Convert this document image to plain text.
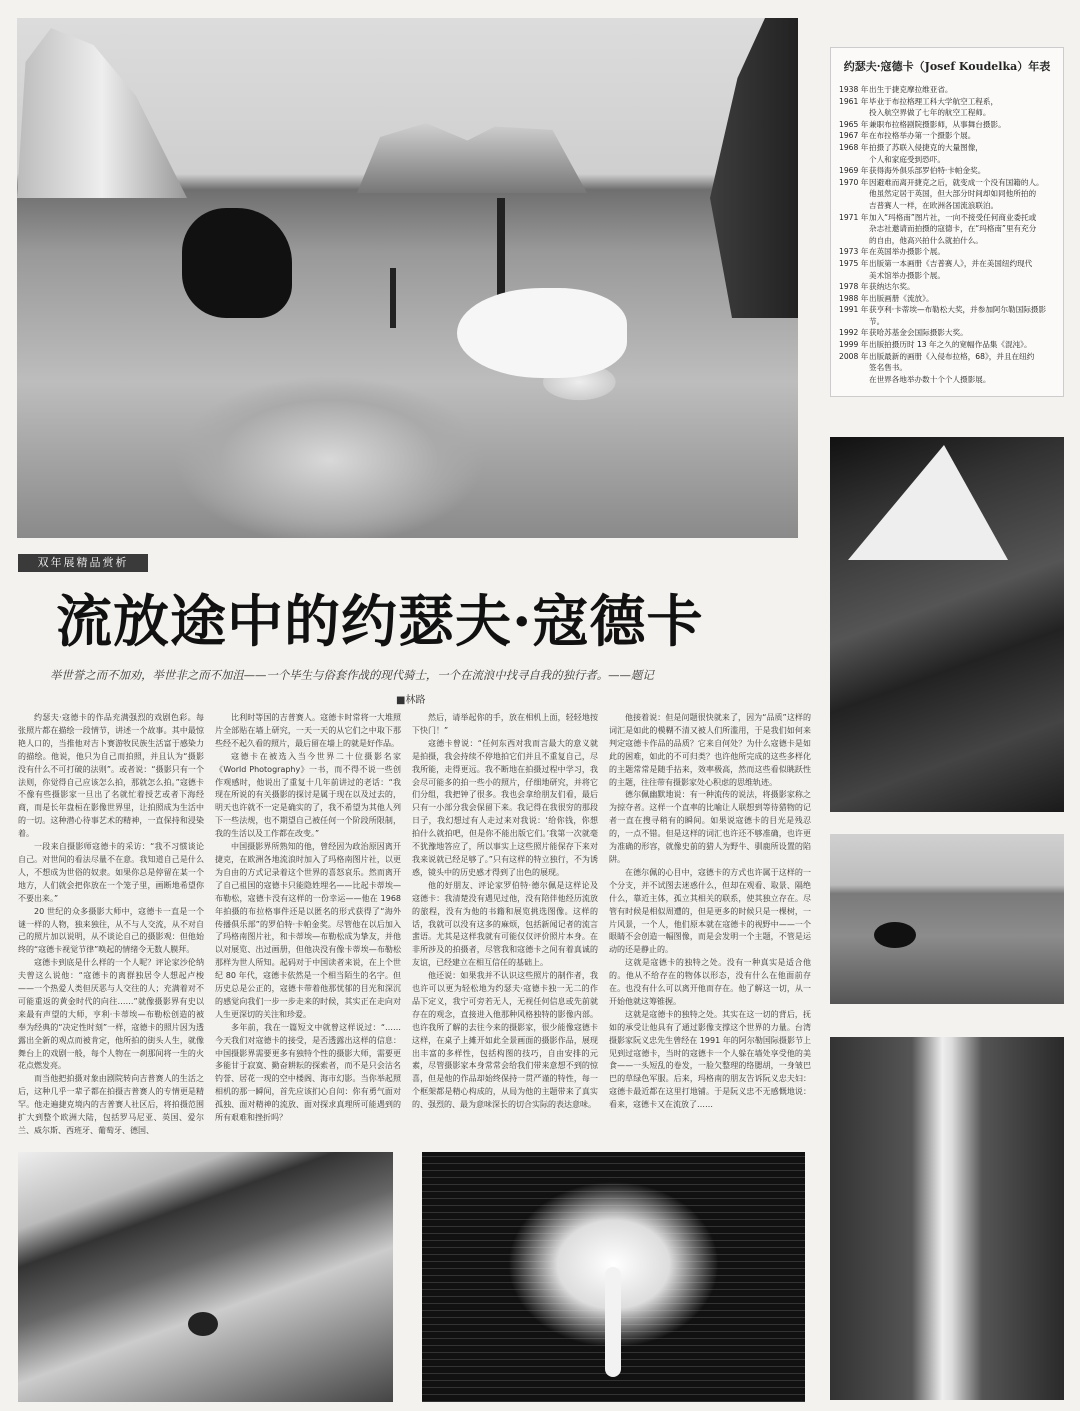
约瑟夫·寇德卡（Josef Koudelka）年表
1938 年 出生于捷克摩拉维亚省。
1961 年 毕业于布拉格理工科大学航空工程系，
投入航空界做了七年的航空工程师。
1965 年 兼职布拉格剧院摄影师，从事舞台摄影。
1967 年 在布拉格举办第一个摄影个展。
1968 年 拍摄了苏联入侵捷克的大量图像，
个人和家庭受到恐吓。
1969 年 获得海外俱乐部罗伯特·卡帕金奖。
1970 年 因避难而离开捷克之后，就变成一个没有国籍的人。
他虽然定居于英国，但大部分时间却如同他所拍的
吉普赛人一样，在欧洲各国流浪联泊。
1971 年 加入“玛格南”图片社，一向不接受任何商业委托或
杂志社邀请而拍摄的寇德卡，在“玛格南”里有充分
的自由，他高兴拍什么就拍什么。
1973 年 在英国举办摄影个展。
1975 年 出版第一本画册《吉普赛人》，并在美国纽约现代
美术馆举办摄影个展。
1978 年 获纳达尔奖。
1988 年 出版画册《流放》。
1991 年 获亨利·卡蒂埃—布勒松大奖，并参加阿尔勒国际摄影节。
1992 年 获哈苏基金会国际摄影大奖。
1999 年 出版拍摄历时 13 年之久的宽幅作品集《混沌》。
2008 年 出版最新的画册《入侵布拉格，68》，并且在纽约
签名售书。
在世界各地举办数十个个人摄影展。
双年展精品赏析
流放途中的约瑟夫·寇德卡
举世誉之而不加劝，举世非之而不加沮——一个毕生与俗套作战的现代骑士，一个在流浪中找寻自我的独行者。——题记
■林路

约瑟夫·寇德卡的作品充满强烈的戏剧色彩。每张照片都在描绘一段情节，讲述一个故事。其中最惊艳人口的，当推他对吉卜赛游牧民族生活富于感染力的描绘。他说，他只为自己而拍照，并且认为“摄影没有什么不可打破的法则”。或者说：“摄影只有一个法则，你觉得自己应该怎么拍，那就怎么拍。”寇德卡不像有些摄影家一旦出了名就忙着授艺或者下海经商，而是长年盘桓在影像世界里，让拍照成为生活中的一切。这种潜心待事艺术的精神，一直保持和浸染着。

一段来自摄影师寇德卡的采访：“我不习惯谈论自己。对世间的看法尽量不在意。我知道自己是什么人，不想成为世俗的奴隶。如果你总是停留在某一个地方，人们就会把你放在一个笼子里，画断地希望你不要出来。”

20 世纪的众多摄影大师中，寇德卡一直是一个谜一样的人物，独来独往，从不与人交流，从不对自己的照片加以说明，从不谈论自己的摄影观：但他始终的“寇德卡视觉节律”唤起的情绪令无数人膜拜。

寇德卡到底是什么样的一个人呢？评论家沙伦纳夫曾这么说他：“寇德卡的离群独居令人想起卢梭——一个热爱人类但厌恶与人交往的人；充满着对不可能重返的黄金时代的向往……”就像摄影界有史以来最有声望的大师，亨利·卡蒂埃—布勒松创造的被奉为经典的“决定性时刻”一样，寇德卡的照片因为透露出全新的观点而被肯定，他所拍的街头人生，就像舞台上的戏剧一般，每个人物在一刹那间将一生的火花点燃发亮。

而当他把拍摄对象由剧院转向吉普赛人的生活之后，这种几乎一辈子都在拍摄吉普赛人的专情更是精罕。他走遍捷克境内的吉普赛人社区后，将拍摄范围扩大到整个欧洲大陆，包括罗马尼亚、英国、爱尔兰、威尔斯、西班牙、葡萄牙、德国、

比利时等国的吉普赛人。寇德卡时常将一大堆照片全部贴在墙上研究，一天一天的从它们之中取下那些经不起久看的照片，最后留在墙上的就是好作品。

寇德卡在被选入当今世界二十位摄影名家《World Photography》一书，而不得不说一些创作观感时，他说出了重复十几年前讲过的老话：“我现在所说的有关摄影的探讨是属于现在以及过去的，明天也许就不一定是确实的了，我不希望为其他人列下一些法规，也不期望自己被任何一个阶段所限制，我的生活以及工作都在改变。”

中国摄影界所熟知的他，曾经因为政治原因离开捷克，在欧洲各地流浪时加入了玛格南图片社，以更为自由的方式记录着这个世界的喜怒哀乐。然而离开了自己祖国的寇德卡只能隐姓埋名——比起卡蒂埃—布勒松，寇德卡没有这样的一份幸运——他在 1968 年拍摄的布拉格事件还是以匿名的形式获得了“海外传播俱乐部”的罗伯特·卡帕金奖。尽管他在以后加入了玛格南图片社，和卡蒂埃—布勒松成为挚友，并他以对展览、出过画册，但他决没有像卡蒂埃—布勒松那样为世人所知。起码对于中国读者来说，在上个世纪 80 年代，寇德卡依然是一个相当陌生的名字。但历史总是公正的，寇德卡带着他那忧郁的目光和深沉的感觉向我们一步一步走来的时候，其实正在走向对人生更深切的关注和珍爱。

多年前，我在一篇短文中就曾这样说过：“……今天我们对寇德卡的接受，是否透露出这样的信息：中国摄影界需要更多有独特个性的摄影大师，需要更多能甘于寂寞、勤奋耕耘的探索者，而不是只会沽名钓誉、居花一现的空中楼阁、海市幻影。当你举起照相机的那一瞬间，首先应该扪心自问：你有勇气面对孤独、面对精神的流放、面对探求真理所可能遇到的所有艰难和挫折吗？

然后，请举起你的手，放在相机上面，轻轻地按下快门！”

寇德卡曾说：“任何东西对我而言最大的意义就是拍摄，我会持续不停地拍它们并且不重复自己，尽我所能，走得更远。我不断地在拍摄过程中学习，我会尽可能多的拍一些小的照片，仔细地研究，并将它们分组，我把钟了很多。我也会拿给朋友们看，最后只有一小部分我会保留下来。我记得在我很穷的那段日子，我幻想过有人走过来对我说：‘给你钱，你想拍什么就拍吧，但是你不能出版它们。’我第一次就毫不犹豫地答应了，所以事实上这些照片能保存下来对我来说就已经足够了。”只有这样的特立独行，不为诱惑，镜头中的历史感才得到了出色的展现。

他的好朋友、评论家罗伯特·德尔佩是这样论及寇德卡：我清楚没有遇见过他，没有陪伴他经历流放的旅程，没有为他的书籍和展览挑选图像。这样的话，我就可以没有这多的麻烦，包括新闻记者的流言蜚语。尤其是这样我就有可能仅仅评价照片本身。在非所涉及的拍摄者，尽管我和寇德卡之间有着真诚的友谊，已经建立在相互信任的基础上。

他还说：如果我并不认识这些照片的制作者，我也许可以更为轻松地为约瑟夫·寇德卡独一无二的作品下定义，我宁可旁若无人，无视任何信息或先前就存在的观念，直接进入他那种风格独特的影像内部。也许我所了解的去往今来的摄影家，很少能像寇德卡这样，在桌子上摊开如此全景画面的摄影作品，展现出丰富的多样性，包括构图的技巧，自由安排的元素，尽管摄影家本身常常会给我们带来意想不到的惊喜，但是他的作品却始终保持一贯严谨的特性，每一个框架都是精心构成的，从局为他的主题带来了真实的、强烈的、最为意味深长的切合实际的表达意味。

他接着说：但是问题很快就来了，因为“品质”这样的词汇是如此的模糊不清又被人们所滥用，于是我们如何来判定寇德卡作品的品质？它来自何处？为什么寇德卡是如此的困难，如此的不可归类？也许他所完成的这些多样化的主题常常是随手拈来，效率极高，然而这些看似眺跃性的主题，往往带有摄影家处心积虑的思维轨迹。

德尔佩幽默地说：有一种流传的说法，将摄影家称之为掠夺者。这样一个直率的比喻让人联想到等待猎物的记者一直在搜寻稍有的瞬间。如果说寇德卡的目光是残忍的，一点不错。但是这样的词汇也许还不够准确，也许更为准确的形容，就像史前的猎人为野牛、驯鹿所设置的陷阱。

在德尔佩的心目中，寇德卡的方式也许属于这样的一个分支，并不试图去迷惑什么，但却在观看、取景、隔绝什么，靠近主体，孤立其相关的联系，使其独立存在。尽管有时候是相似周遭的，但是更多的时候只是一棵树，一片风景，一个人，他们原本就在寇德卡的视野中——一个眼睛不会创造一幅图像，而是会发明一个主题，不管是运动的还是静止的。

这就是寇德卡的独特之处。没有一种真实是适合他的。他从不给存在的物体以形态，没有什么在他面前存在。也没有什么可以离开他而存在。他了解这一切，从一开始他就这筹锥握。

这就是寇德卡的独特之处。其实在这一切的背后，抚如的承受让他具有了通过影像支撑这个世界的力量。台湾摄影家阮义忠先生曾经在 1991 年的阿尔勒国际摄影节上见到过寇德卡，当时的寇德卡一个人躲在墙处享受他的美食——一头短乱的卷发，一脸欠整理的络腮胡，一身皱巴巴的草绿色军服。后来，玛格南的朋友告诉阮义忠夫妇：寇德卡最近都在这里打地铺。于是阮义忠不无感慨地说：看来，寇德卡又在流放了……
